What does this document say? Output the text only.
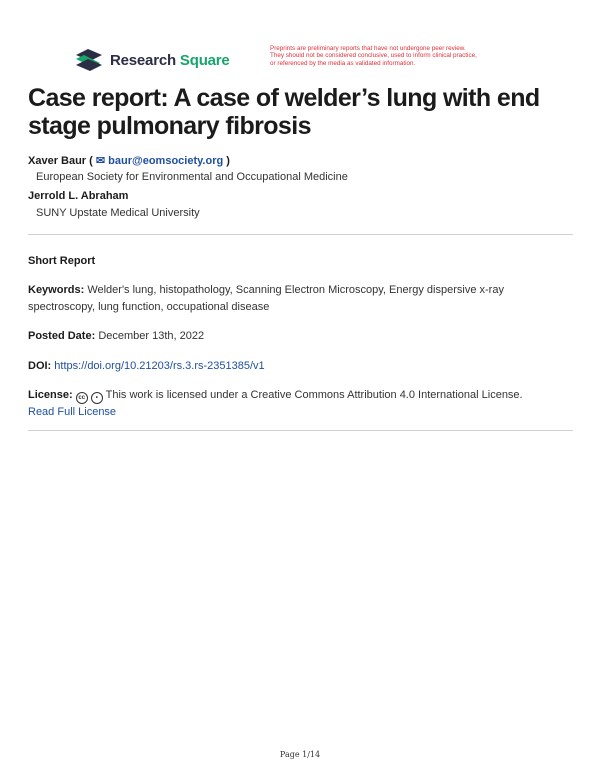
Research Square
Preprints are preliminary reports that have not undergone peer review.
They should not be considered conclusive, used to inform clinical practice,
or referenced by the media as validated information.
Case report: A case of welder’s lung with end stage pulmonary fibrosis
Xaver Baur ( ✉ baur@eomsociety.org )
European Society for Environmental and Occupational Medicine
Jerrold L. Abraham
SUNY Upstate Medical University
Short Report
Keywords: Welder's lung, histopathology, Scanning Electron Microscopy, Energy dispersive x-ray spectroscopy, lung function, occupational disease
Posted Date: December 13th, 2022
DOI: https://doi.org/10.21203/rs.3.rs-2351385/v1
License: cc • This work is licensed under a Creative Commons Attribution 4.0 International License.
Read Full License
Page 1/14
